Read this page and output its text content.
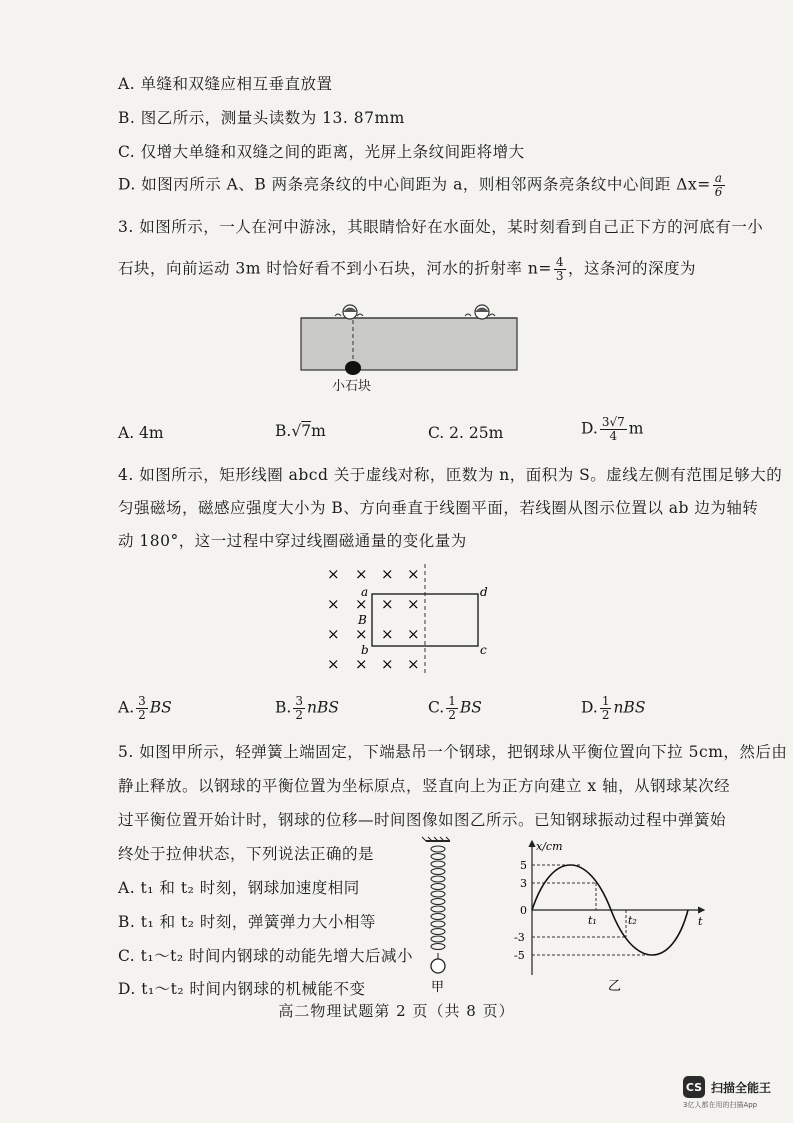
A. 单缝和双缝应相互垂直放置
B. 图乙所示，测量头读数为 13. 87mm
C. 仅增大单缝和双缝之间的距离，光屏上条纹间距将增大
D. 如图丙所示 A、B 两条亮条纹的中心间距为 a，则相邻两条亮条纹中心间距 $\Delta x= \frac{a}{6}$
3. 如图所示，一人在河中游泳，其眼睛恰好在水面处，某时刻看到自己正下方的河底有一小
石块，向前运动 3m 时恰好看不到小石块，河水的折射率 $n= \frac{4}{3}$ ，这条河的深度为
小石块
A. 4m	B.√7m	C. 2. 25m	D. $\frac{3√7}{4}$ m
4. 如图所示，矩形线圈 abcd 关于虚线对称，匝数为 n，面积为 S。虚线左侧有范围足够大的
匀强磁场，磁感应强度大小为 B、方向垂直于线圈平面，若线圈从图示位置以 ab 边为轴转
动 180°，这一过程中穿过线圈磁通量的变化量为
× × × ×
× × × ×
× × × ×
× × × ×
a	d
b	c
B
A. $\frac{3}{2}$ BS	B. $\frac{3}{2}$ nBS	C. $\frac{1}{2}$ BS	D. $\frac{1}{2}$ nBS
5. 如图甲所示，轻弹簧上端固定，下端悬吊一个钢球，把钢球从平衡位置向下拉 5cm，然后由
静止释放。以钢球的平衡位置为坐标原点，竖直向上为正方向建立 x 轴，从钢球某次经
过平衡位置开始计时，钢球的位移—时间图像如图乙所示。已知钢球振动过程中弹簧始
终处于拉伸状态，下列说法正确的是
A. t₁ 和 t₂ 时刻，钢球加速度相同
B. t₁ 和 t₂ 时刻，弹簧弹力大小相等
C. t₁～t₂ 时间内钢球的动能先增大后减小
D. t₁～t₂ 时间内钢球的机械能不变	甲
x/cm
t
0
5
3
-3
-5
t₁	t₂
乙
高二物理试题第 2 页（共 8 页）
CS 扫描全能王
3亿人都在用的扫描App
